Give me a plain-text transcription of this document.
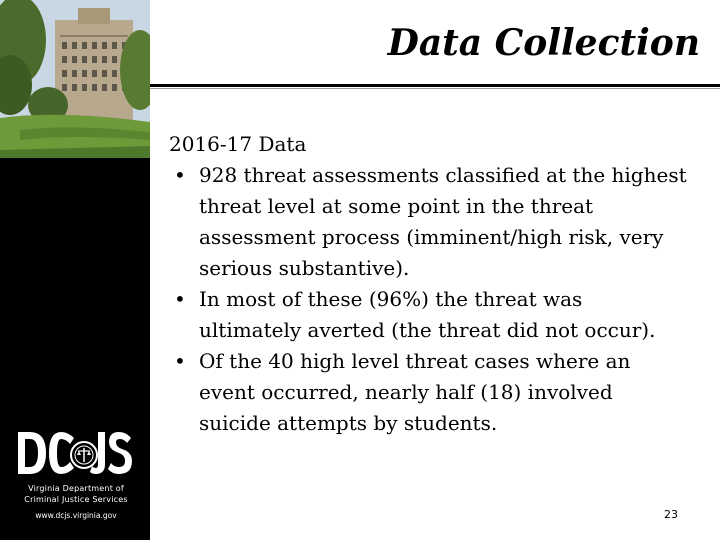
Virginia Department of
Criminal Justice Services
www.dcjs.virginia.gov
Data Collection
2016-17 Data
• 928 threat assessments classified at the highest threat level at some point in the threat assessment process (imminent/high risk, very serious substantive).
• In most of these (96%) the threat was ultimately averted (the threat did not occur).
• Of the 40 high level threat cases where an event occurred, nearly half (18) involved suicide attempts by students.
23
